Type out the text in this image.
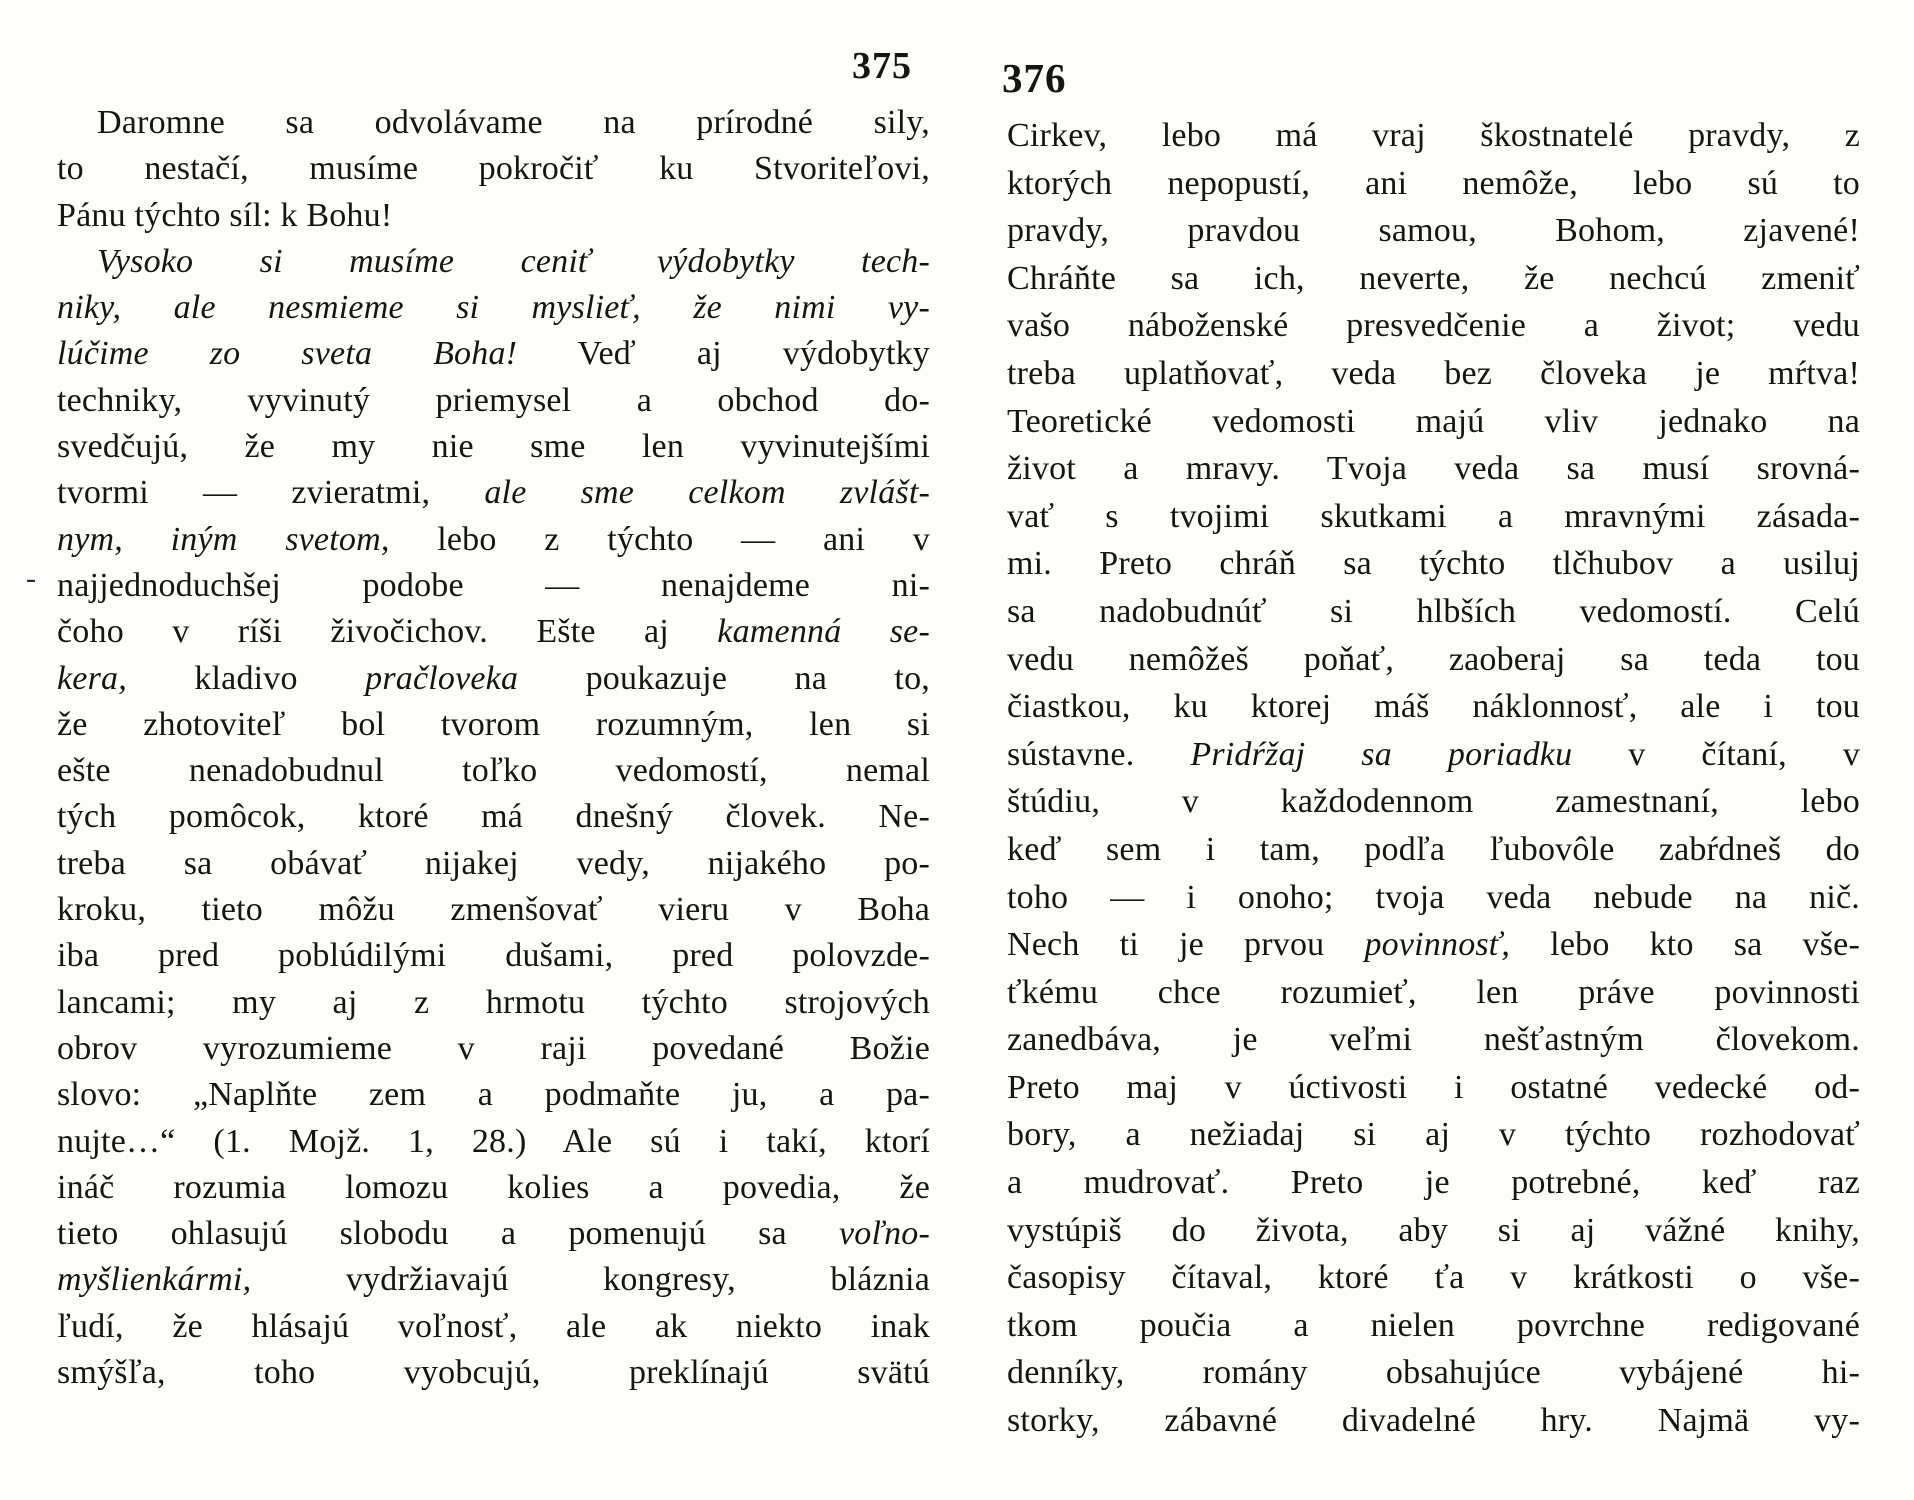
375 376
-
Daromne sa odvolávame na prírodné sily,
to nestačí, musíme pokročiť ku Stvoriteľovi,
Pánu týchto síl: k Bohu!
Vysoko si musíme ceniť výdobytky tech-
niky, ale nesmieme si myslieť, že nimi vy-
lúčime zo sveta Boha! Veď aj výdobytky
techniky, vyvinutý priemysel a obchod do-
svedčujú, že my nie sme len vyvinutejšími
tvormi — zvieratmi, ale sme celkom zvlášt-
nym, iným svetom, lebo z týchto — ani v
najjednoduchšej podobe — nenajdeme ni-
čoho v ríši živočichov. Ešte aj kamenná se-
kera, kladivo pračloveka poukazuje na to,
že zhotoviteľ bol tvorom rozumným, len si
ešte nenadobudnul toľko vedomostí, nemal
tých pomôcok, ktoré má dnešný človek. Ne-
treba sa obávať nijakej vedy, nijakého po-
kroku, tieto môžu zmenšovať vieru v Boha
iba pred poblúdilými dušami, pred polovzde-
lancami; my aj z hrmotu týchto strojových
obrov vyrozumieme v raji povedané Božie
slovo: „Naplňte zem a podmaňte ju, a pa-
nujte…“ (1. Mojž. 1, 28.) Ale sú i takí, ktorí
ináč rozumia lomozu kolies a povedia, že
tieto ohlasujú slobodu a pomenujú sa voľno-
myšlienkármi, vydržiavajú kongresy, bláznia
ľudí, že hlásajú voľnosť, ale ak niekto inak
smýšľa, toho vyobcujú, preklínajú svätú
Cirkev, lebo má vraj škostnatelé pravdy, z
ktorých nepopustí, ani nemôže, lebo sú to
pravdy, pravdou samou, Bohom, zjavené!
Chráňte sa ich, neverte, že nechcú zmeniť
vašo náboženské presvedčenie a život; vedu
treba uplatňovať, veda bez človeka je mŕtva!
Teoretické vedomosti majú vliv jednako na
život a mravy. Tvoja veda sa musí srovná-
vať s tvojimi skutkami a mravnými zásada-
mi. Preto chráň sa týchto tlčhubov a usiluj
sa nadobudnúť si hlbších vedomostí. Celú
vedu nemôžeš poňať, zaoberaj sa teda tou
čiastkou, ku ktorej máš náklonnosť, ale i tou
sústavne. Pridŕžaj sa poriadku v čítaní, v
štúdiu, v každodennom zamestnaní, lebo
keď sem i tam, podľa ľubovôle zabŕdneš do
toho — i onoho; tvoja veda nebude na nič.
Nech ti je prvou povinnosť, lebo kto sa vše-
ťkému chce rozumieť, len práve povinnosti
zanedbáva, je veľmi nešťastným človekom.
Preto maj v úctivosti i ostatné vedecké od-
bory, a nežiadaj si aj v týchto rozhodovať
a mudrovať. Preto je potrebné, keď raz
vystúpiš do života, aby si aj vážné knihy,
časopisy čítaval, ktoré ťa v krátkosti o vše-
tkom poučia a nielen povrchne redigované
denníky, romány obsahujúce vybájené hi-
storky, zábavné divadelné hry. Najmä vy-
